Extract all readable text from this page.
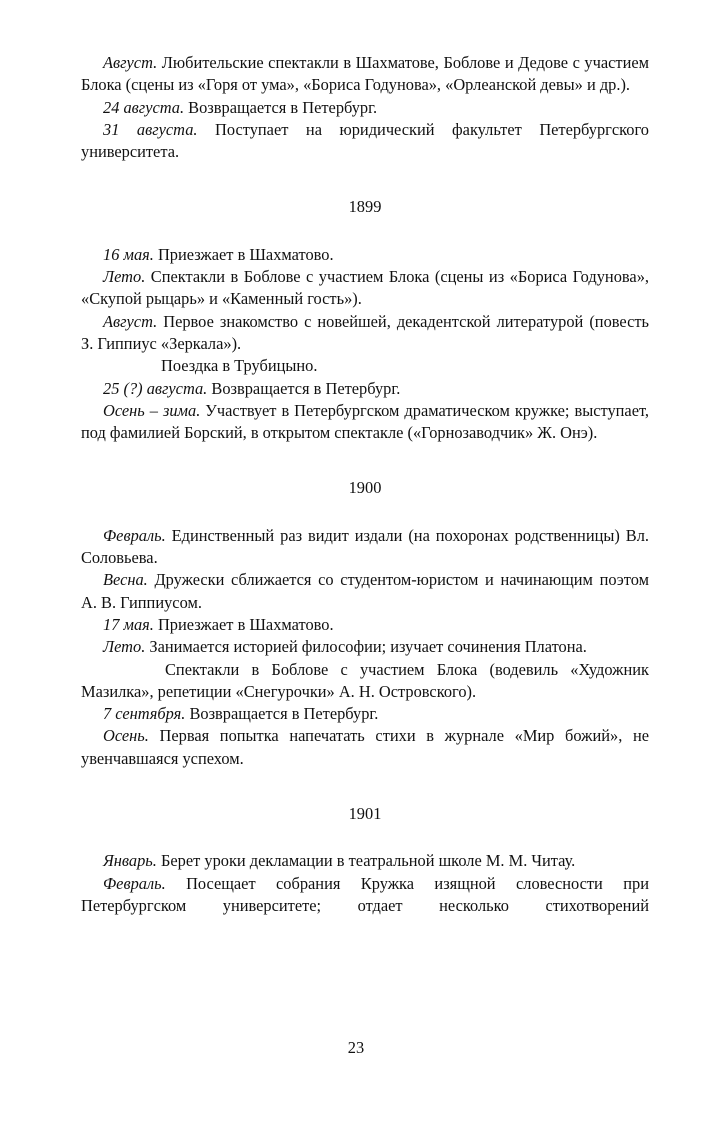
Август. Любительские спектакли в Шахматове, Боблове и Дедове с участием Блока (сцены из «Горя от ума», «Бориса Годунова», «Орлеанской девы» и др.).

24 августа. Возвращается в Петербург.

31 августа. Поступает на юридический факультет Петербургского университета.

1899

16 мая. Приезжает в Шахматово.

Лето. Спектакли в Боблове с участием Блока (сцены из «Бориса Годунова», «Скупой рыцарь» и «Каменный гость»).

Август. Первое знакомство с новейшей, декадентской литературой (повесть З. Гиппиус «Зеркала»).

Поездка в Трубицыно.

25 (?) августа. Возвращается в Петербург.

Осень – зима. Участвует в Петербургском драматическом кружке; выступает, под фамилией Борский, в открытом спектакле («Горнозаводчик» Ж. Онэ).

1900

Февраль. Единственный раз видит издали (на похоронах родственницы) Вл. Соловьева.

Весна. Дружески сближается со студентом-юристом и начинающим поэтом А. В. Гиппиусом.

17 мая. Приезжает в Шахматово.

Лето. Занимается историей философии; изучает сочинения Платона.

Спектакли в Боблове с участием Блока (водевиль «Художник Мазилка», репетиции «Снегурочки» А. Н. Островского).

7 сентября. Возвращается в Петербург.

Осень. Первая попытка напечатать стихи в журнале «Мир божий», не увенчавшаяся успехом.

1901

Январь. Берет уроки декламации в театральной школе М. М. Читау.

Февраль. Посещает собрания Кружка изящной словесности при Петербургском университете; отдает несколько стихотворений

23
